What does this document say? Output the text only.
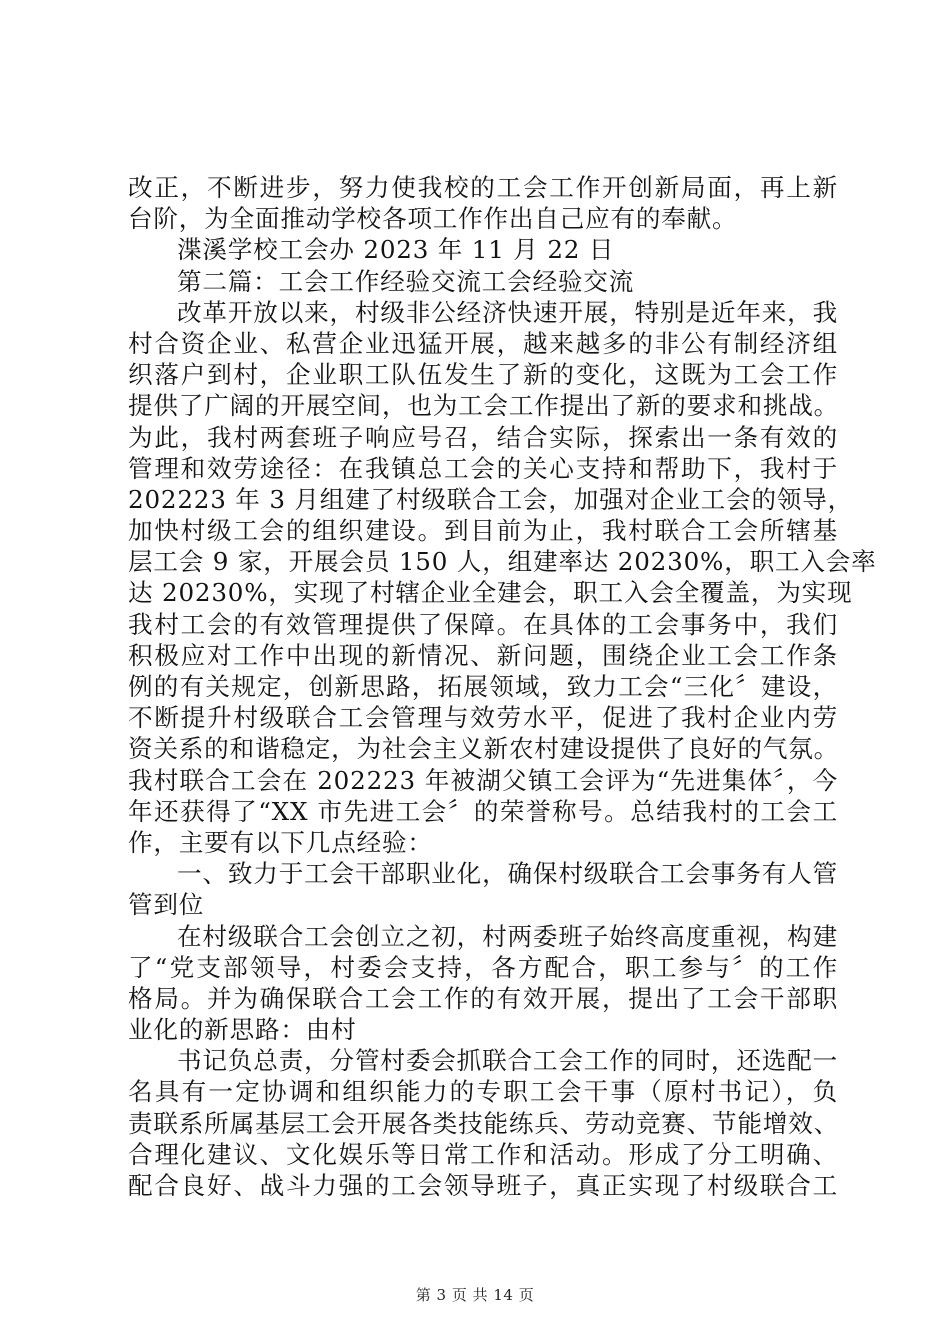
改正，不断进步，努力使我校的工会工作开创新局面，再上新
台阶，为全面推动学校各项工作作出自己应有的奉献。
渫溪学校工会办 2023 年 11 月 22 日
第二篇：工会工作经验交流工会经验交流
改革开放以来，村级非公经济快速开展，特别是近年来，我
村合资企业、私营企业迅猛开展，越来越多的非公有制经济组
织落户到村，企业职工队伍发生了新的变化，这既为工会工作
提供了广阔的开展空间，也为工会工作提出了新的要求和挑战。
为此，我村两套班子响应号召，结合实际，探索出一条有效的
管理和效劳途径：在我镇总工会的关心支持和帮助下，我村于
202223 年 3 月组建了村级联合工会，加强对企业工会的领导，
加快村级工会的组织建设。到目前为止，我村联合工会所辖基
层工会 9 家，开展会员 150 人，组建率达 20230%，职工入会率
达 20230%，实现了村辖企业全建会，职工入会全覆盖，为实现
我村工会的有效管理提供了保障。在具体的工会事务中，我们
积极应对工作中出现的新情况、新问题，围绕企业工会工作条
例的有关规定，创新思路，拓展领域，致力工会“三化〞建设，
不断提升村级联合工会管理与效劳水平，促进了我村企业内劳
资关系的和谐稳定，为社会主义新农村建设提供了良好的气氛。
我村联合工会在 202223 年被湖父镇工会评为“先进集体〞，今
年还获得了“XX 市先进工会〞的荣誉称号。总结我村的工会工
作，主要有以下几点经验：
一、致力于工会干部职业化，确保村级联合工会事务有人管
管到位
在村级联合工会创立之初，村两委班子始终高度重视，构建
了“党支部领导，村委会支持，各方配合，职工参与〞的工作
格局。并为确保联合工会工作的有效开展，提出了工会干部职
业化的新思路：由村
书记负总责，分管村委会抓联合工会工作的同时，还选配一
名具有一定协调和组织能力的专职工会干事（原村书记），负
责联系所属基层工会开展各类技能练兵、劳动竞赛、节能增效、
合理化建议、文化娱乐等日常工作和活动。形成了分工明确、
配合良好、战斗力强的工会领导班子，真正实现了村级联合工
第 3 页 共 14 页
